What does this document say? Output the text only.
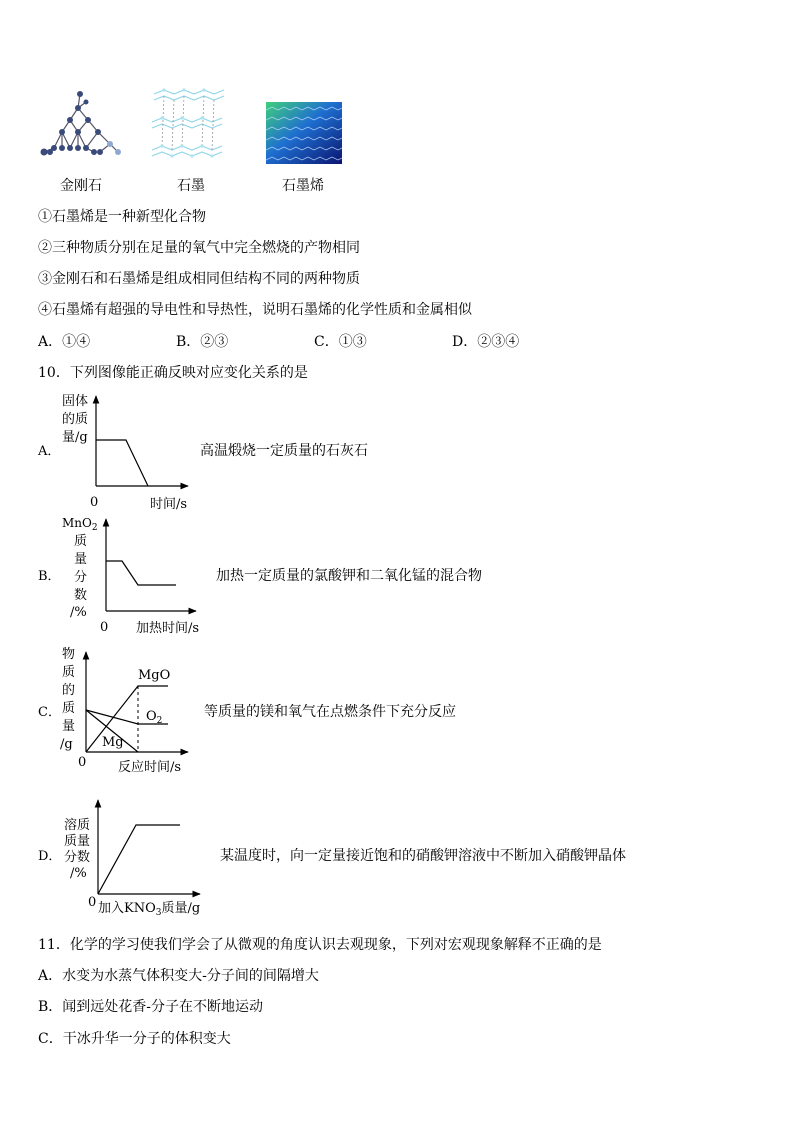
金刚石	石墨	石墨烯
①石墨烯是一种新型化合物
②三种物质分别在足量的氧气中完全燃烧的产物相同
③金刚石和石墨烯是组成相同但结构不同的两种物质
④石墨烯有超强的导电性和导热性，说明石墨烯的化学性质和金属相似
A．①④	B．②③	C．①③	D．②③④
10．下列图像能正确反映对应变化关系的是
固体
的质
量/g
A．
0	时间/s
高温煅烧一定质量的石灰石
MnO$_2$
质
量
分
数
/%
B．
0 加热时间/s
加热一定质量的氯酸钾和二氧化锰的混合物
物
质
的
质
量
/g
C．
MgO
$O_2$
Mg
0 反应时间/s
等质量的镁和氧气在点燃条件下充分反应
溶质
质量
分数
/%
D．
0 加入$KNO_3$质量/g
某温度时，向一定量接近饱和的硝酸钾溶液中不断加入硝酸钾晶体
11．化学的学习使我们学会了从微观的角度认识去观现象，下列对宏观现象解释不正确的是
A．水变为水蒸气体积变大-分子间的间隔增大
B．闻到远处花香-分子在不断地运动
C．干冰升华一分子的体积变大
